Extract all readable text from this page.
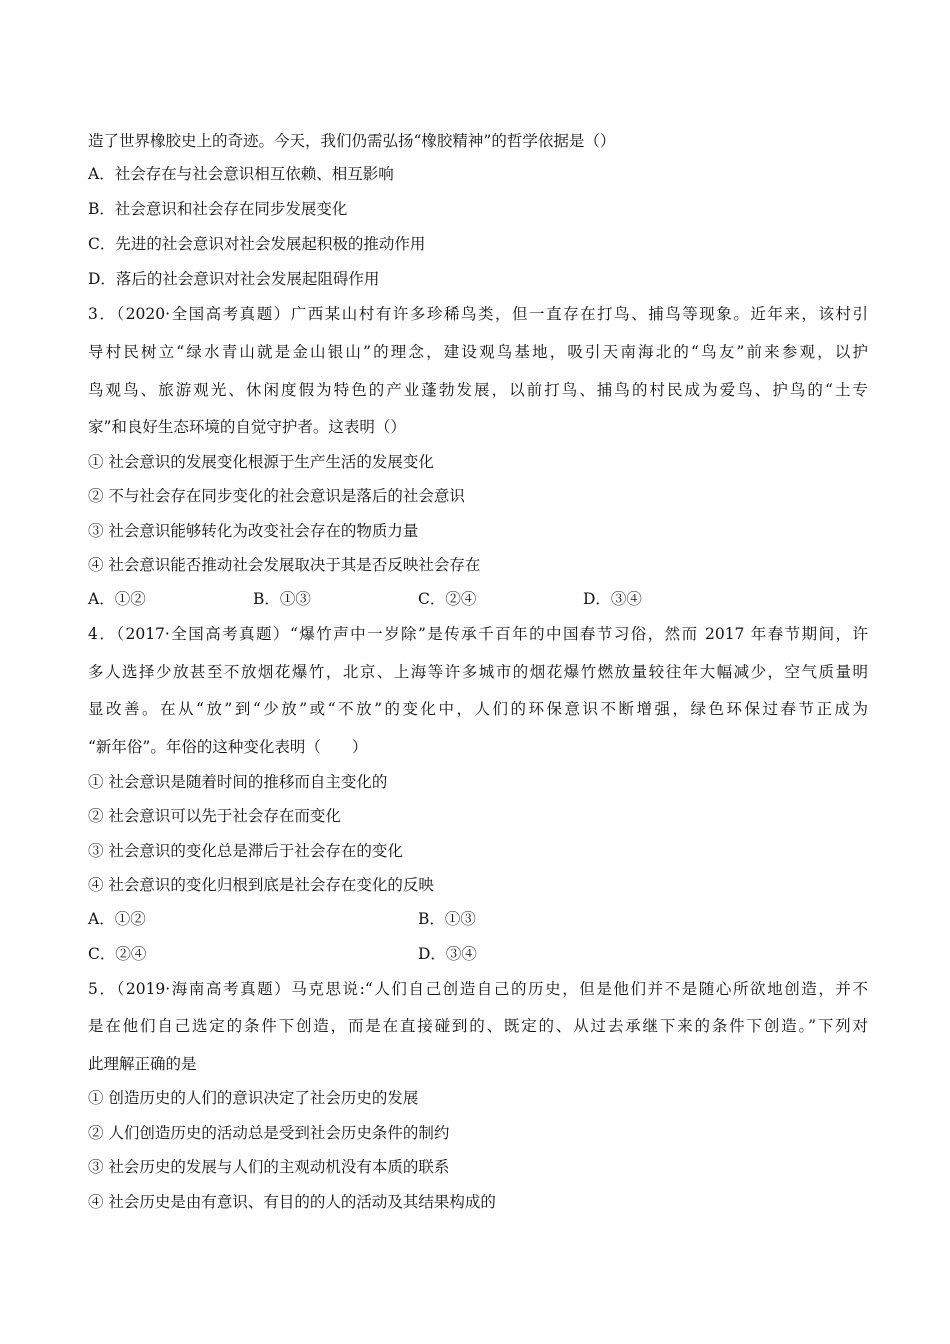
造了世界橡胶史上的奇迹。今天，我们仍需弘扬“橡胶精神”的哲学依据是（）
A．社会存在与社会意识相互依赖、相互影响
B．社会意识和社会存在同步发展变化
C．先进的社会意识对社会发展起积极的推动作用
D．落后的社会意识对社会发展起阻碍作用
3．（2020·全国高考真题）广西某山村有许多珍稀鸟类，但一直存在打鸟、捕鸟等现象。近年来，该村引
导村民树立“绿水青山就是金山银山”的理念，建设观鸟基地，吸引天南海北的“鸟友”前来参观，以护
鸟观鸟、旅游观光、休闲度假为特色的产业蓬勃发展，以前打鸟、捕鸟的村民成为爱鸟、护鸟的“土专
家”和良好生态环境的自觉守护者。这表明（）
① 社会意识的发展变化根源于生产生活的发展变化
② 不与社会存在同步变化的社会意识是落后的社会意识
③ 社会意识能够转化为改变社会存在的物质力量
④ 社会意识能否推动社会发展取决于其是否反映社会存在
A．①②	B．①③	C．②④	D．③④
4．（2017·全国高考真题）“爆竹声中一岁除”是传承千百年的中国春节习俗，然而 2017 年春节期间，许
多人选择少放甚至不放烟花爆竹，北京、上海等许多城市的烟花爆竹燃放量较往年大幅减少，空气质量明
显改善。在从“放”到“少放”或“不放”的变化中，人们的环保意识不断增强，绿色环保过春节正成为
“新年俗”。年俗的这种变化表明（　　）
① 社会意识是随着时间的推移而自主变化的
② 社会意识可以先于社会存在而变化
③ 社会意识的变化总是滞后于社会存在的变化
④ 社会意识的变化归根到底是社会存在变化的反映
A．①②	B．①③
C．②④	D．③④
5．（2019·海南高考真题）马克思说:“人们自己创造自己的历史，但是他们并不是随心所欲地创造，并不
是在他们自己选定的条件下创造，而是在直接碰到的、既定的、从过去承继下来的条件下创造。”下列对
此理解正确的是
① 创造历史的人们的意识决定了社会历史的发展
② 人们创造历史的活动总是受到社会历史条件的制约
③ 社会历史的发展与人们的主观动机没有本质的联系
④ 社会历史是由有意识、有目的的人的活动及其结果构成的
